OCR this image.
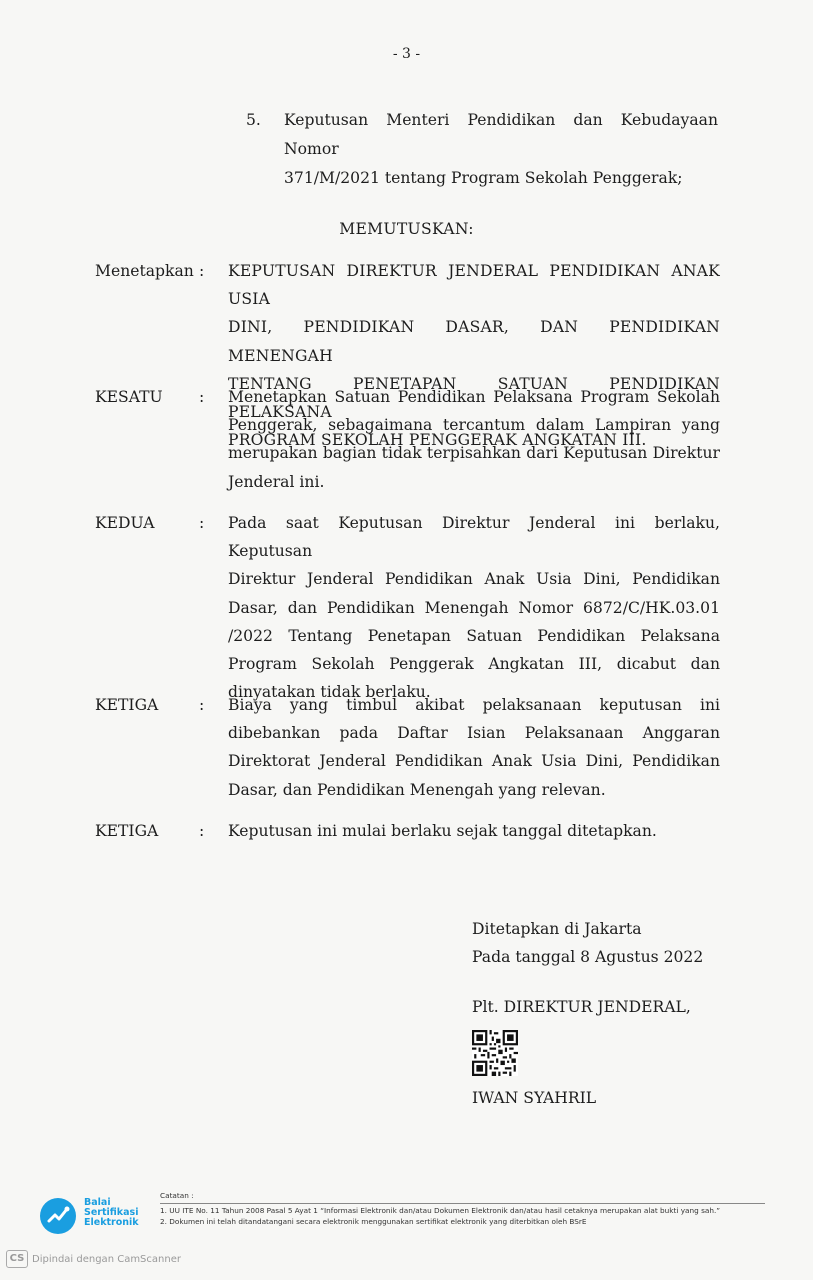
- 3 -
5. Keputusan Menteri Pendidikan dan Kebudayaan Nomor
371/M/2021 tentang Program Sekolah Penggerak;
MEMUTUSKAN:
Menetapkan : KEPUTUSAN DIREKTUR JENDERAL PENDIDIKAN ANAK USIA
DINI, PENDIDIKAN DASAR, DAN PENDIDIKAN MENENGAH
TENTANG PENETAPAN SATUAN PENDIDIKAN PELAKSANA
PROGRAM SEKOLAH PENGGERAK ANGKATAN III.
KESATU : Menetapkan Satuan Pendidikan Pelaksana Program Sekolah
Penggerak, sebagaimana tercantum dalam Lampiran yang
merupakan bagian tidak terpisahkan dari Keputusan Direktur
Jenderal ini.
KEDUA	: Pada saat Keputusan Direktur Jenderal ini berlaku, Keputusan
Direktur Jenderal Pendidikan Anak Usia Dini, Pendidikan
Dasar, dan Pendidikan Menengah Nomor 6872/C/HK.03.01
/2022 Tentang Penetapan Satuan Pendidikan Pelaksana
Program Sekolah Penggerak Angkatan III, dicabut dan
dinyatakan tidak berlaku.
KETIGA	: Biaya yang timbul akibat pelaksanaan keputusan ini
dibebankan pada Daftar Isian Pelaksanaan Anggaran
Direktorat Jenderal Pendidikan Anak Usia Dini, Pendidikan
Dasar, dan Pendidikan Menengah yang relevan.
KETIGA	: Keputusan ini mulai berlaku sejak tanggal ditetapkan.
Ditetapkan di Jakarta
Pada tanggal 8 Agustus 2022
Plt. DIREKTUR JENDERAL,
IWAN SYAHRIL
Balai
Sertifikasi
Elektronik
Catatan :
1. UU ITE No. 11 Tahun 2008 Pasal 5 Ayat 1 “Informasi Elektronik dan/atau Dokumen Elektronik dan/atau hasil cetaknya merupakan alat bukti yang sah.”
2. Dokumen ini telah ditandatangani secara elektronik menggunakan sertifikat elektronik yang diterbitkan oleh BSrE
CS Dipindai dengan CamScanner
